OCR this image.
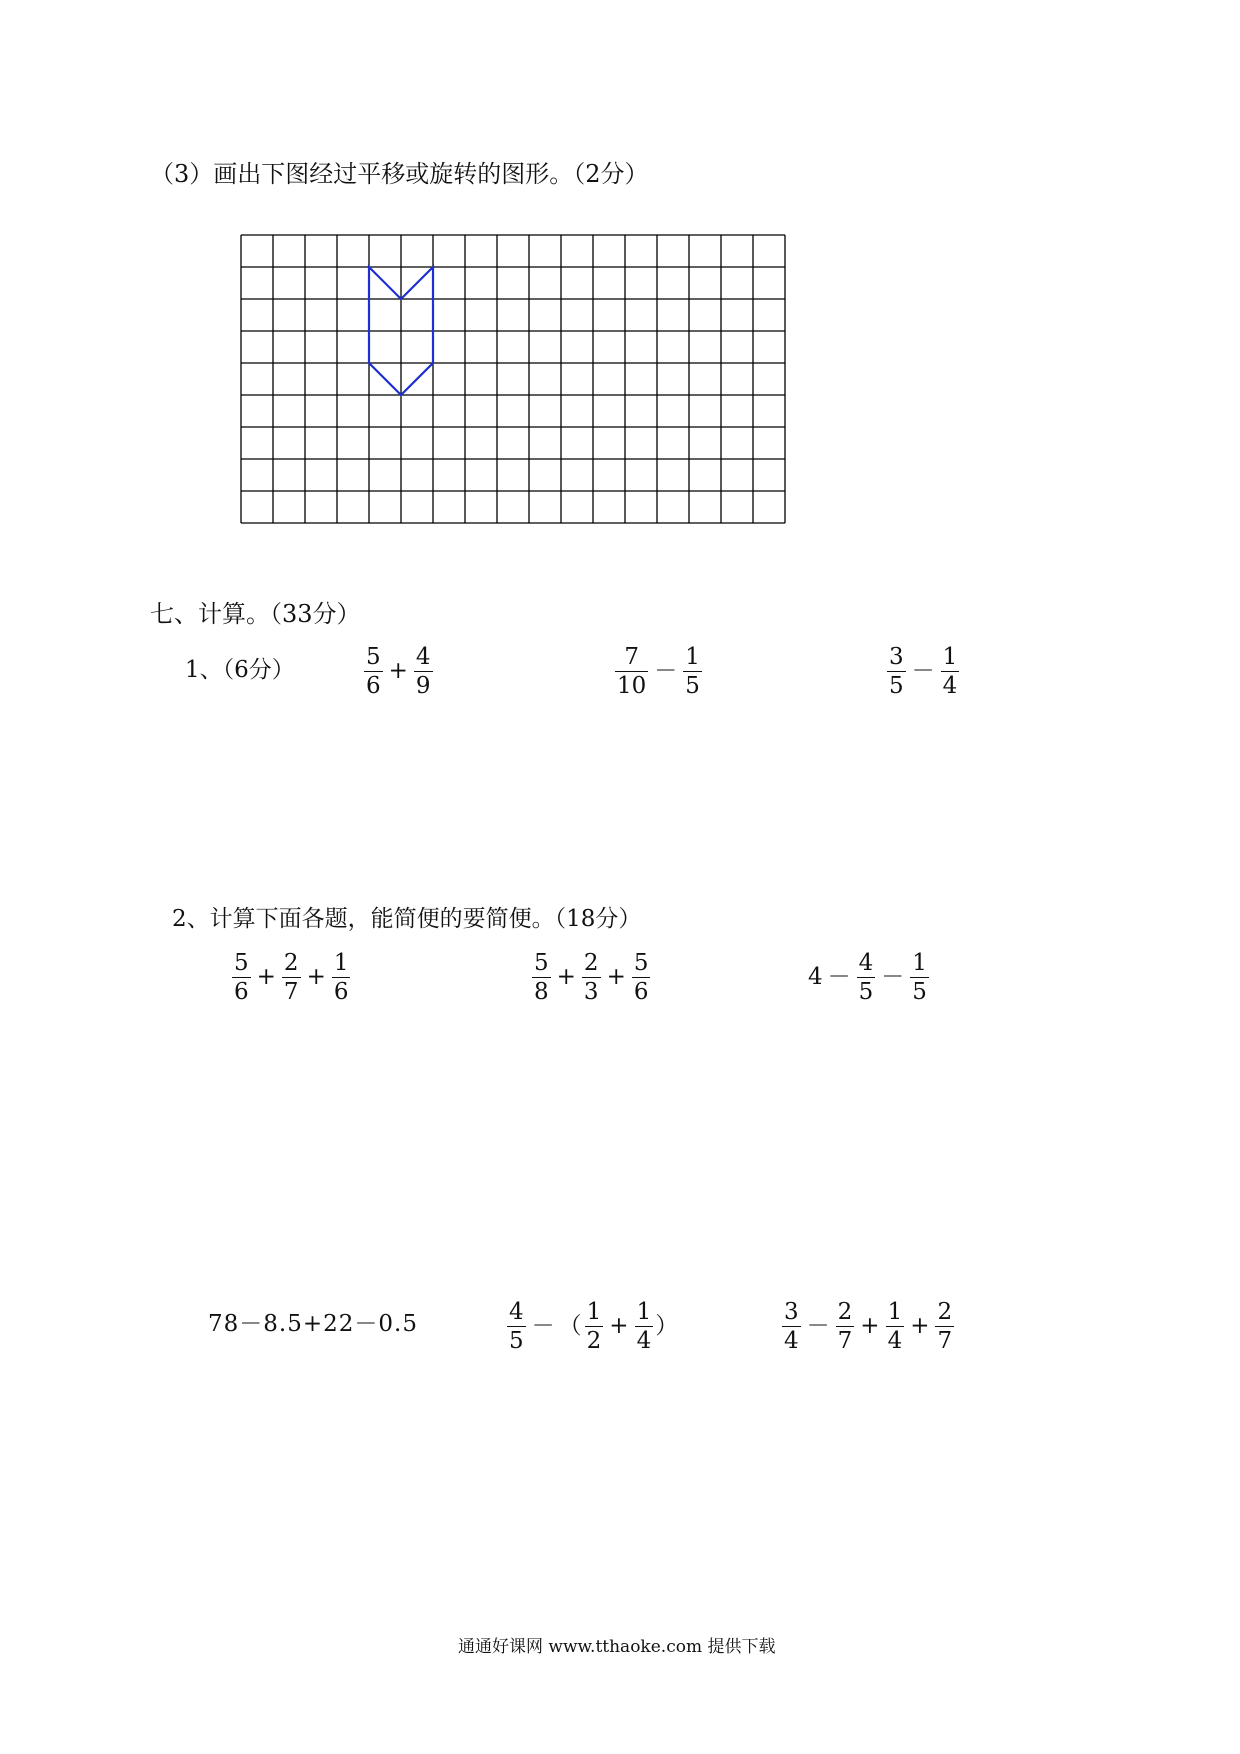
（3）画出下图经过平移或旋转的图形。（2分）
七、计算。（33分）
1、（6分）	$\frac{5}{6} + \frac{4}{9}$	$\frac{7}{10} - \frac{1}{5}$	$\frac{3}{5} - \frac{1}{4}$
2、计算下面各题，能简便的要简便。（18分）
$\frac{5}{6} + \frac{2}{7} + \frac{1}{6}$	$\frac{5}{8} + \frac{2}{3} + \frac{5}{6}$	$4 - \frac{4}{5} - \frac{1}{5}$
78－8.5+22－0.5	$\frac{4}{5}$ － （ $\frac{1}{2} + \frac{1}{4}$ ）	$\frac{3}{4} - \frac{2}{7} + \frac{1}{4} + \frac{2}{7}$
通通好课网 www.tthaoke.com 提供下载
